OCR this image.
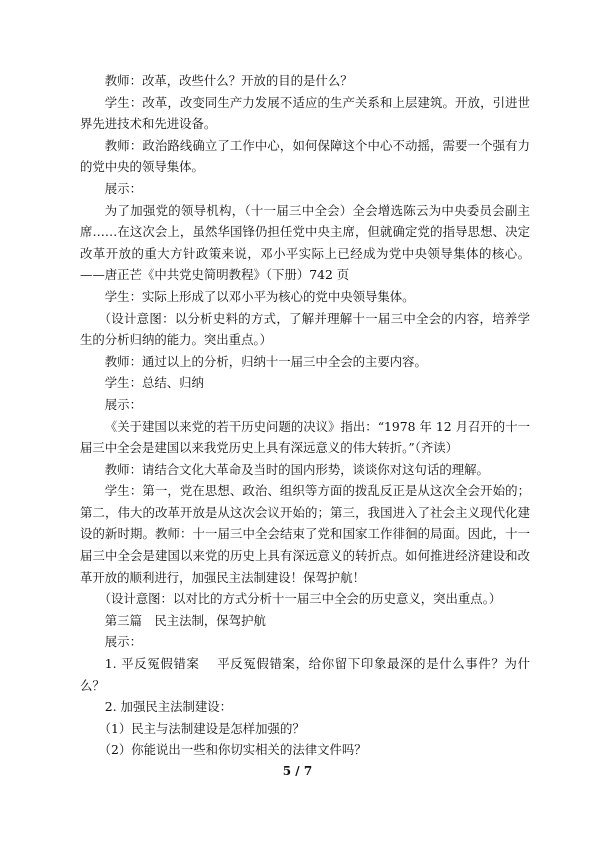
教师：改革，改些什么？开放的目的是什么？

学生：改革，改变同生产力发展不适应的生产关系和上层建筑。开放，引进世界先进技术和先进设备。

教师：政治路线确立了工作中心，如何保障这个中心不动摇，需要一个强有力的党中央的领导集体。

展示：

为了加强党的领导机构，（十一届三中全会）全会增选陈云为中央委员会副主席……在这次会上，虽然华国锋仍担任党中央主席，但就确定党的指导思想、决定改革开放的重大方针政策来说，邓小平实际上已经成为党中央领导集体的核心。——唐正芒《中共党史简明教程》（下册）742 页

学生：实际上形成了以邓小平为核心的党中央领导集体。

（设计意图：以分析史料的方式，了解并理解十一届三中全会的内容，培养学生的分析归纳的能力。突出重点。）

教师：通过以上的分析，归纳十一届三中全会的主要内容。

学生：总结、归纳

展示：

《关于建国以来党的若干历史问题的决议》指出：“1978 年 12 月召开的十一届三中全会是建国以来我党历史上具有深远意义的伟大转折。”（齐读）

教师：请结合文化大革命及当时的国内形势，谈谈你对这句话的理解。

学生：第一，党在思想、政治、组织等方面的拨乱反正是从这次全会开始的；第二，伟大的改革开放是从这次会议开始的；第三，我国进入了社会主义现代化建设的新时期。教师：十一届三中全会结束了党和国家工作徘徊的局面。因此，十一届三中全会是建国以来党的历史上具有深远意义的转折点。如何推进经济建设和改革开放的顺利进行，加强民主法制建设！保驾护航！

（设计意图：以对比的方式分析十一届三中全会的历史意义，突出重点。）

第三篇　民主法制，保驾护航

展示：

1. 平反冤假错案　 平反冤假错案，给你留下印象最深的是什么事件？为什么？

2. 加强民主法制建设：

（1）民主与法制建设是怎样加强的？

（2）你能说出一些和你切实相关的法律文件吗？

5 / 7
